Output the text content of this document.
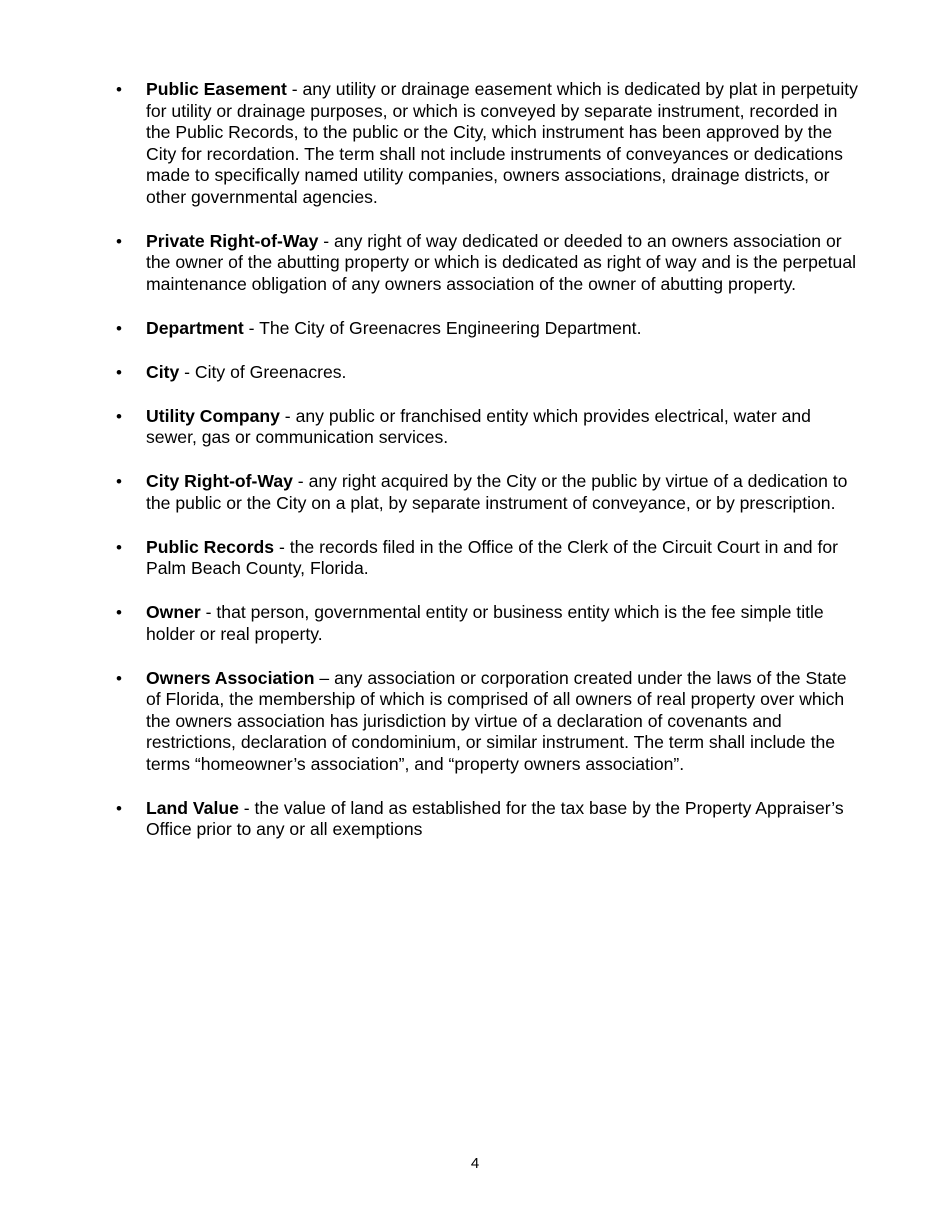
• Public Easement - any utility or drainage easement which is dedicated by plat in perpetuity for utility or drainage purposes, or which is conveyed by separate instrument, recorded in the Public Records, to the public or the City, which instrument has been approved by the City for recordation. The term shall not include instruments of conveyances or dedications made to specifically named utility companies, owners associations, drainage districts, or other governmental agencies.
• Private Right-of-Way - any right of way dedicated or deeded to an owners association or the owner of the abutting property or which is dedicated as right of way and is the perpetual maintenance obligation of any owners association of the owner of abutting property.
• Department - The City of Greenacres Engineering Department.
• City - City of Greenacres.
• Utility Company - any public or franchised entity which provides electrical, water and sewer, gas or communication services.
• City Right-of-Way - any right acquired by the City or the public by virtue of a dedication to the public or the City on a plat, by separate instrument of conveyance, or by prescription.
• Public Records - the records filed in the Office of the Clerk of the Circuit Court in and for Palm Beach County, Florida.
• Owner - that person, governmental entity or business entity which is the fee simple title holder or real property.
• Owners Association – any association or corporation created under the laws of the State of Florida, the membership of which is comprised of all owners of real property over which the owners association has jurisdiction by virtue of a declaration of covenants and restrictions, declaration of condominium, or similar instrument. The term shall include the terms “homeowner’s association”, and “property owners association”.
• Land Value - the value of land as established for the tax base by the Property Appraiser’s Office prior to any or all exemptions
4
